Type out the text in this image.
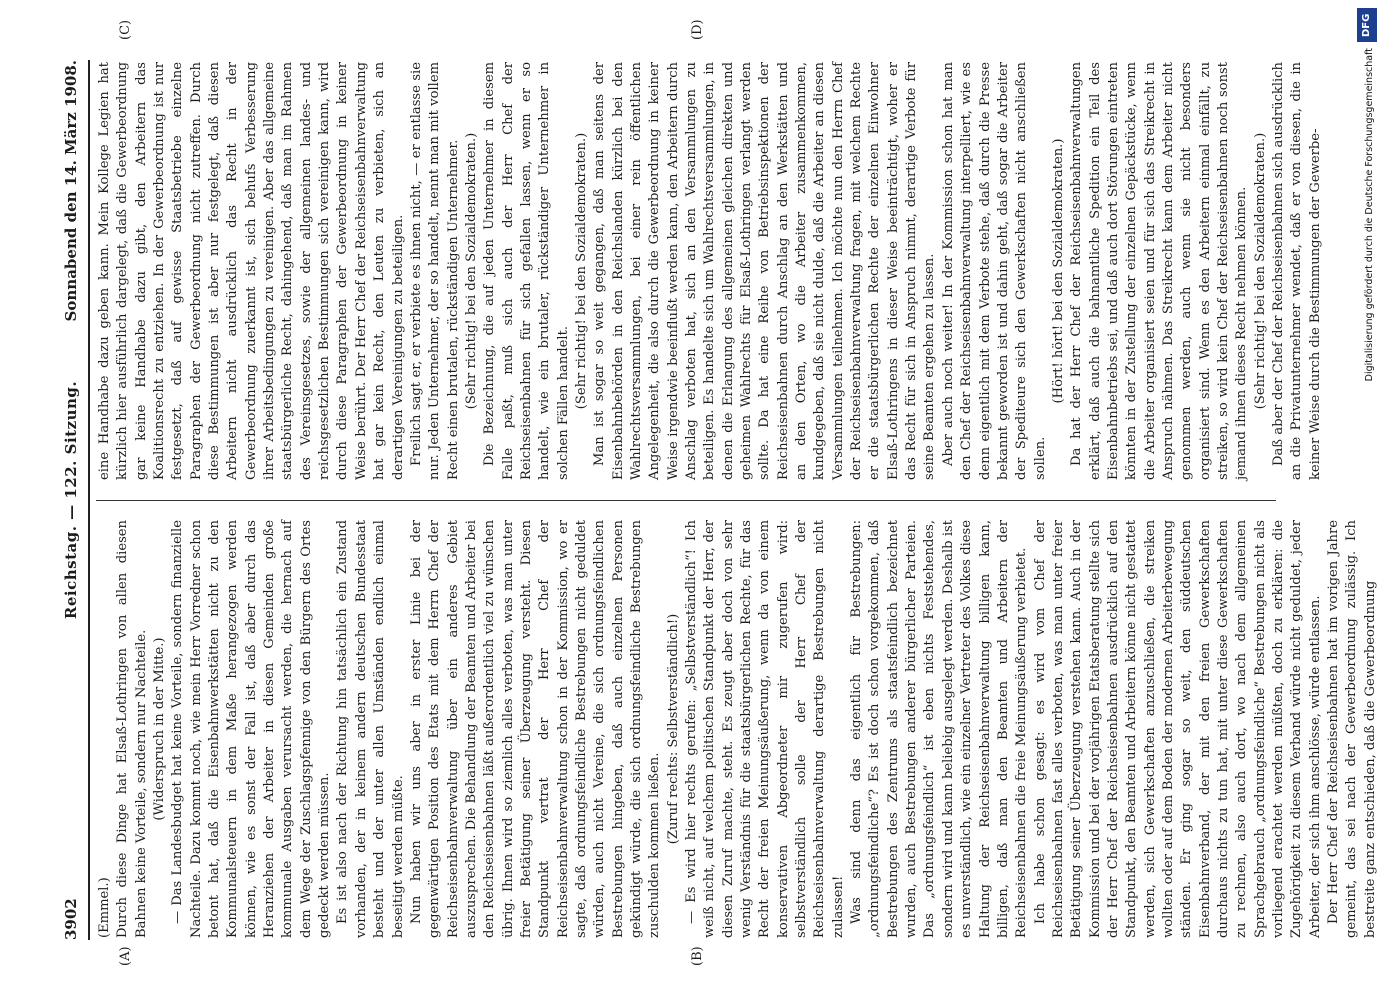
3902
Reichstag. — 122. Sitzung.
Sonnabend den 14. März 1908.
(A)	(B)
(C)	(D)

(Emmel.) Durch diese Dinge hat Elsaß-Lothringen von allen diesen Bahnen keine Vorteile, sondern nur Nachteile. (Widerspruch in der Mitte.) — Das Landesbudget hat keine Vorteile, sondern finanzielle Nachteile. Dazu kommt noch, wie mein Herr Vorredner schon betont hat, daß die Eisenbahnwerkstätten nicht zu den Kommunalsteuern in dem Maße herangezogen werden können, wie es sonst der Fall ist, daß aber durch das Heranziehen der Arbeiter in diesen Gemeinden große kommunale Ausgaben verursacht werden, die hernach auf dem Wege der Zuschlagspfennige von den Bürgern des Ortes gedeckt werden müssen. Es ist also nach der Richtung hin tatsächlich ein Zustand vorhanden, der in keinem andern deutschen Bundesstaat besteht und der unter allen Umständen endlich einmal beseitigt werden müßte. Nun haben wir uns aber in erster Linie bei der gegenwärtigen Position des Etats mit dem Herrn Chef der Reichseisenbahnverwaltung über ein anderes Gebiet auszusprechen. Die Behandlung der Beamten und Arbeiter bei den Reichseisenbahnen läßt außerordentlich viel zu wünschen übrig. Ihnen wird so ziemlich alles verboten, was man unter freier Betätigung seiner Überzeugung versteht. Diesen Standpunkt vertrat der Herr Chef der Reichseisenbahnverwaltung schon in der Kommission, wo er sagte, daß ordnungsfeindliche Bestrebungen nicht geduldet würden, auch nicht Vereine, die sich ordnungsfeindlichen Bestrebungen hingeben, daß auch einzelnen Personen gekündigt würde, die sich ordnungsfeindliche Bestrebungen zuschulden kommen ließen.

(Zuruf rechts: Selbstverständlich!) — Es wird hier rechts gerufen: „Selbstverständlich“! Ich weiß nicht, auf welchem politischen Standpunkt der Herr, der diesen Zuruf machte, steht. Es zeugt aber doch von sehr wenig Verständnis für die staatsbürgerlichen Rechte, für das Recht der freien Meinungsäußerung, wenn da von einem konservativen Abgeordneter mir zugerufen wird: selbstverständlich solle der Herr Chef der Reichseisenbahnverwaltung derartige Bestrebungen nicht zulassen! Was sind denn das eigentlich für Bestrebungen: „ordnungsfeindliche“? Es ist doch schon vorgekommen, daß Bestrebungen des Zentrums als staatsfeindlich bezeichnet wurden, auch Bestrebungen anderer bürgerlicher Parteien. Das „ordnungsfeindlich“ ist eben nichts Feststehendes, sondern wird und kann beliebig ausgelegt werden. Deshalb ist es unverständlich, wie ein einzelner Vertreter des Volkes diese Haltung der Reichseisenbahnverwaltung billigen kann, billigen, daß man den Beamten und Arbeitern der Reichseisenbahnen die freie Meinungsäußerung verbietet. Ich habe schon gesagt: es wird vom Chef der Reichseisenbahnen fast alles verboten, was man unter freier Betätigung seiner Überzeugung verstehen kann. Auch in der Kommission und bei der vorjährigen Etatsberatung stellte sich der Herr Chef der Reichseisenbahnen ausdrücklich auf den Standpunkt, den Beamten und Arbeitern könne nicht gestattet werden, sich Gewerkschaften anzuschließen, die streiken wollten oder auf dem Boden der modernen Arbeiterbewegung ständen. Er ging sogar so weit, den süddeutschen Eisenbahnverband, der mit den freien Gewerkschaften durchaus nichts zu tun hat, mit unter diese Gewerkschaften zu rechnen, also auch dort, wo nach dem allgemeinen Sprachgebrauch „ordnungsfeindliche“ Bestrebungen nicht als vorliegend erachtet werden müßten, doch zu erklären: die Zugehörigkeit zu diesem Verband würde nicht geduldet, jeder Arbeiter, der sich ihm anschlösse, würde entlassen. Der Herr Chef der Reichseisenbahnen hat im vorigen Jahre gemeint, das sei nach der Gewerbeordnung zulässig. Ich bestreite ganz entschieden, daß die Gewerbeordnung

eine Handhabe dazu geben kann. Mein Kollege Legien hat kürzlich hier ausführlich dargelegt, daß die Gewerbeordnung gar keine Handhabe dazu gibt, den Arbeitern das Koalitionsrecht zu entziehen. In der Gewerbeordnung ist nur festgesetzt, daß auf gewisse Staatsbetriebe einzelne Paragraphen der Gewerbeordnung nicht zutreffen. Durch diese Bestimmungen ist aber nur festgelegt, daß diesen Arbeitern nicht ausdrücklich das Recht in der Gewerbeordnung zuerkannt ist, sich behufs Verbesserung ihrer Arbeitsbedingungen zu vereinigen. Aber das allgemeine staatsbürgerliche Recht, dahingehend, daß man im Rahmen des Vereinsgesetzes, sowie der allgemeinen landes- und reichsgesetzlichen Bestimmungen sich vereinigen kann, wird durch diese Paragraphen der Gewerbeordnung in keiner Weise berührt. Der Herr Chef der Reichseisenbahnverwaltung hat gar kein Recht, den Leuten zu verbieten, sich an derartigen Vereinigungen zu beteiligen. Freilich sagt er, er verbiete es ihnen nicht, — er entlasse sie nur. Jeden Unternehmer, der so handelt, nennt man mit vollem Recht einen brutalen, rückständigen Unternehmer. (Sehr richtig! bei den Sozialdemokraten.) Die Bezeichnung, die auf jeden Unternehmer in diesem Falle paßt, muß sich auch der Herr Chef der Reichseisenbahnen für sich gefallen lassen, wenn er so handelt, wie ein brutaler, rückständiger Unternehmer in solchen Fällen handelt. (Sehr richtig! bei den Sozialdemokraten.) Man ist sogar so weit gegangen, daß man seitens der Eisenbahnbehörden in den Reichslanden kürzlich bei den Wahlrechtsversammlungen, bei einer rein öffentlichen Angelegenheit, die also durch die Gewerbeordnung in keiner Weise irgendwie beeinflußt werden kann, den Arbeitern durch Anschlag verboten hat, sich an den Versammlungen zu beteiligen. Es handelte sich um Wahlrechtsversammlungen, in denen die Erlangung des allgemeinen gleichen direkten und geheimen Wahlrechts für Elsaß-Lothringen verlangt werden sollte. Da hat eine Reihe von Betriebsinspektionen der Reichseisenbahnen durch Anschlag an den Werkstätten und an den Orten, wo die Arbeiter zusammenkommen, kundgegeben, daß sie nicht dulde, daß die Arbeiter an diesen Versammlungen teilnehmen. Ich möchte nun den Herrn Chef der Reichseisenbahnverwaltung fragen, mit welchem Rechte er die staatsbürgerlichen Rechte der einzelnen Einwohner Elsaß-Lothringens in dieser Weise beeinträchtigt, woher er das Recht für sich in Anspruch nimmt, derartige Verbote für seine Beamten ergehen zu lassen. Aber auch noch weiter! In der Kommission schon hat man den Chef der Reichseisenbahnverwaltung interpelliert, wie es denn eigentlich mit dem Verbote stehe, daß durch die Presse bekannt geworden ist und dahin geht, daß sogar die Arbeiter der Spediteure sich den Gewerkschaften nicht anschließen sollen.

(Hört! hört! bei den Sozialdemokraten.) Da hat der Herr Chef der Reichseisenbahnverwaltungen erklärt, daß auch die bahnamtliche Spedition ein Teil des Eisenbahnbetriebs sei, und daß auch dort Störungen eintreten könnten in der Zustellung der einzelnen Gepäckstücke, wenn die Arbeiter organisiert seien und für sich das Streikrecht in Anspruch nähmen. Das Streikrecht kann dem Arbeiter nicht genommen werden, auch wenn sie nicht besonders organisiert sind. Wenn es den Arbeitern einmal einfällt, zu streiken, so wird kein Chef der Reichseisenbahnen noch sonst jemand ihnen dieses Recht nehmen können. (Sehr richtig! bei den Sozialdemokraten.) Daß aber der Chef der Reichseisenbahnen sich ausdrücklich an die Privatunternehmer wendet, daß er von diesen, die in keiner Weise durch die Bestimmungen der Gewerbe-

DFG
Digitalisierung gefördert durch die Deutsche Forschungsgemeinschaft
